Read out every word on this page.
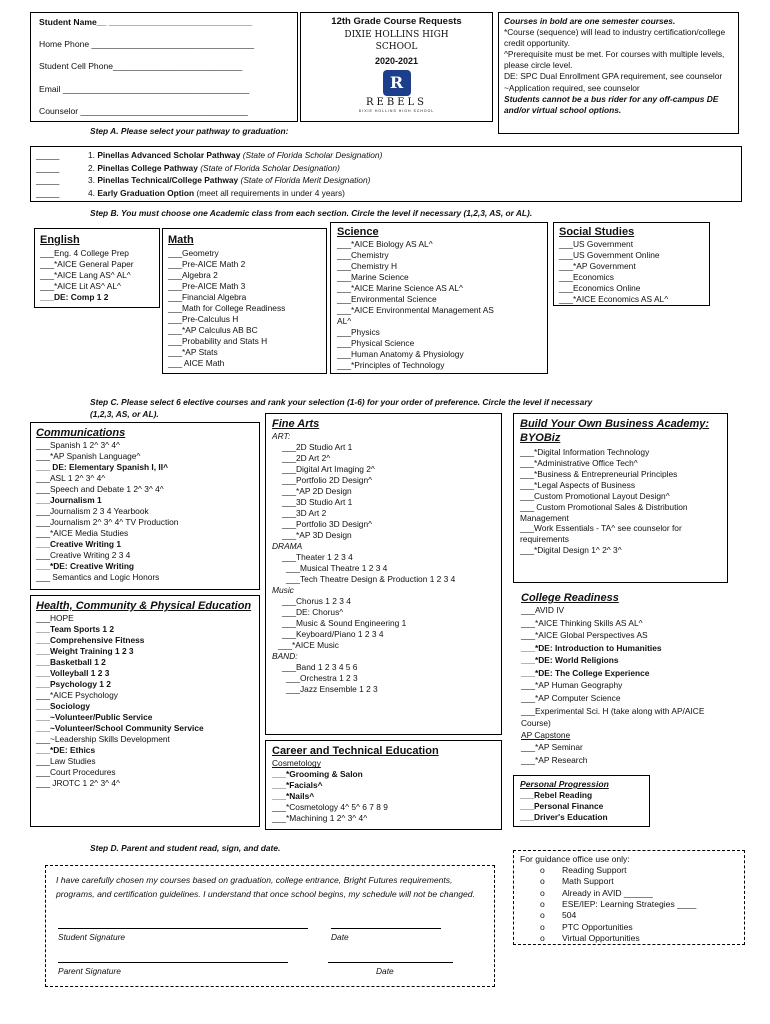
Student Name__ ______________________________
Home Phone __________________________________
Student Cell Phone___________________________
Email _______________________________________
Counselor ___________________________________
12th Grade Course Requests
DIXIE HOLLINS HIGH SCHOOL
2020-2021
R
REBELS
DIXIE HOLLINS HIGH SCHOOL
Courses in bold are one semester courses.
*Course (sequence) will lead to industry certification/college credit opportunity.
^Prerequisite must be met. For courses with multiple levels, please circle level.
DE: SPC Dual Enrollment GPA requirement, see counselor
~Application required, see counselor
Students cannot be a bus rider for any off-campus DE and/or virtual school options.
Step A. Please select your pathway to graduation:
_____	1. Pinellas Advanced Scholar Pathway (State of Florida Scholar Designation)
_____	2. Pinellas College Pathway (State of Florida Scholar Designation)
_____	3. Pinellas Technical/College Pathway (State of Florida Merit Designation)
_____	4. Early Graduation Option (meet all requirements in under 4 years)
Step B. You must choose one Academic class from each section. Circle the level if necessary (1,2,3, AS, or AL).
English
___Eng. 4 College Prep
___*AICE General Paper
___*AICE Lang AS^ AL^
___*AICE Lit AS^ AL^
___DE: Comp 1 2
Math
___Geometry
___Pre-AICE Math 2
___Algebra 2
___Pre-AICE Math 3
___Financial Algebra
___Math for College Readiness
___Pre-Calculus H
___*AP Calculus AB BC
___Probability and Stats H
___*AP Stats
___ AICE Math
Science
___*AICE Biology AS AL^
___Chemistry
___Chemistry H
___Marine Science
___*AICE Marine Science AS AL^
___Environmental Science
___*AICE Environmental Management AS
AL^
___Physics
___Physical Science
___Human Anatomy & Physiology
___*Principles of Technology
Social Studies
___US Government
___US Government Online
___*AP Government
___Economics
___Economics Online
___*AICE Economics AS AL^
Step C. Please select 6 elective courses and rank your selection (1-6) for your order of preference. Circle the level if necessary
(1,2,3, AS, or AL).
Communications
___Spanish 1 2^ 3^ 4^
___*AP Spanish Language^
___ DE: Elementary Spanish I, II^
___ASL 1 2^ 3^ 4^
___Speech and Debate 1 2^ 3^ 4^
___Journalism 1
___Journalism 2 3 4 Yearbook
___Journalism 2^ 3^ 4^ TV Production
___*AICE Media Studies
___Creative Writing 1
___Creative Writing 2 3 4
___*DE: Creative Writing
___ Semantics and Logic Honors
Health, Community & Physical Education
___HOPE
___Team Sports 1 2
___Comprehensive Fitness
___Weight Training 1 2 3
___Basketball 1 2
___Volleyball 1 2 3
___Psychology 1 2
___*AICE Psychology
___Sociology
___~Volunteer/Public Service
___~Volunteer/School Community Service
___~Leadership Skills Development
___*DE: Ethics
___Law Studies
___Court Procedures
___ JROTC 1 2^ 3^ 4^
Fine Arts
ART:
___2D Studio Art 1
___2D Art 2^
___Digital Art Imaging 2^
___Portfolio 2D Design^
___*AP 2D Design
___3D Studio Art 1
___3D Art 2
___Portfolio 3D Design^
___*AP 3D Design
DRAMA
___Theater 1 2 3 4
___Musical Theatre 1 2 3 4
___Tech Theatre Design & Production 1 2 3 4
Music
___Chorus 1 2 3 4
___DE: Chorus^
___Music & Sound Engineering 1
___Keyboard/Piano 1 2 3 4
___*AICE Music
BAND:
___Band 1 2 3 4 5 6
___Orchestra 1 2 3
___Jazz Ensemble 1 2 3
Career and Technical Education
Cosmetology
___*Grooming & Salon
___*Facials^
___*Nails^
___*Cosmetology 4^ 5^ 6 7 8 9
___*Machining 1 2^ 3^ 4^
Build Your Own Business Academy: BYOBiz
___*Digital Information Technology
___*Administrative Office Tech^
___*Business & Entrepreneurial Principles
___*Legal Aspects of Business
___Custom Promotional Layout Design^
___ Custom Promotional Sales & Distribution Management
___Work Essentials - TA^ see counselor for requirements
___*Digital Design 1^ 2^ 3^
College Readiness
___AVID IV
___*AICE Thinking Skills AS AL^
___*AICE Global Perspectives AS
___*DE: Introduction to Humanities
___*DE: World Religions
___*DE: The College Experience
___*AP Human Geography
___*AP Computer Science
___Experimental Sci. H (take along with AP/AICE Course)
AP Capstone
___*AP Seminar
___*AP Research
Personal Progression
___Rebel Reading
___Personal Finance
___Driver's Education
Step D. Parent and student read, sign, and date.
I have carefully chosen my courses based on graduation, college entrance, Bright Futures requirements, programs, and certification guidelines. I understand that once school begins, my schedule will not be changed.
Student Signature	Date
Parent Signature	Date
For guidance office use only:
o Reading Support
o Math Support
o Already in AVID ______
o ESE/IEP: Learning Strategies ____
o 504
o PTC Opportunities
o Virtual Opportunities
